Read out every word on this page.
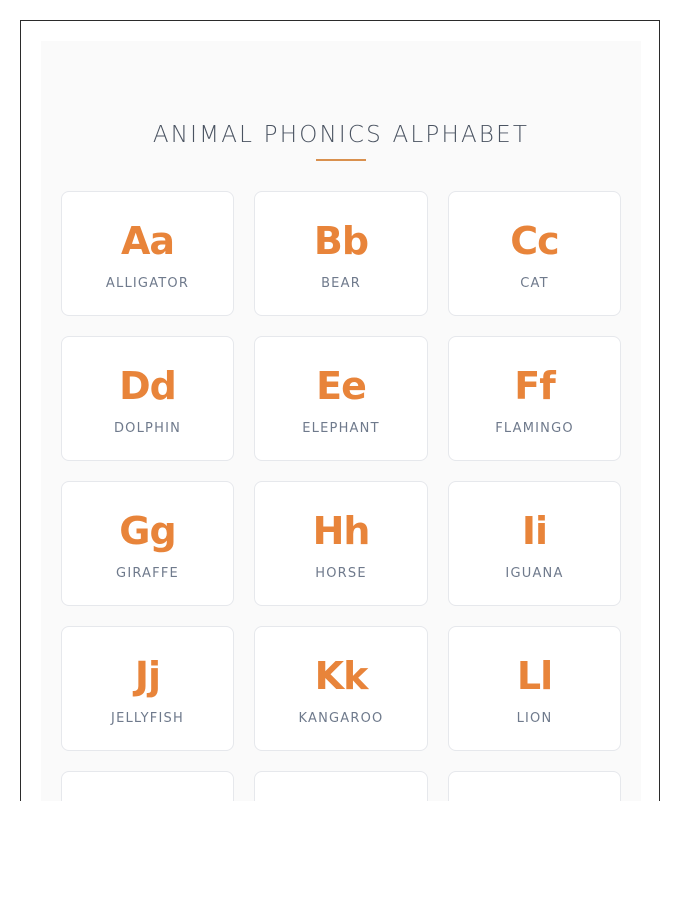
ANIMAL PHONICS ALPHABET
Aa
ALLIGATOR
Bb
BEAR
Cc
CAT
Dd
DOLPHIN
Ee
ELEPHANT
Ff
FLAMINGO
Gg
GIRAFFE
Hh
HORSE
Ii
IGUANA
Jj
JELLYFISH
Kk
KANGAROO
Ll
LION
